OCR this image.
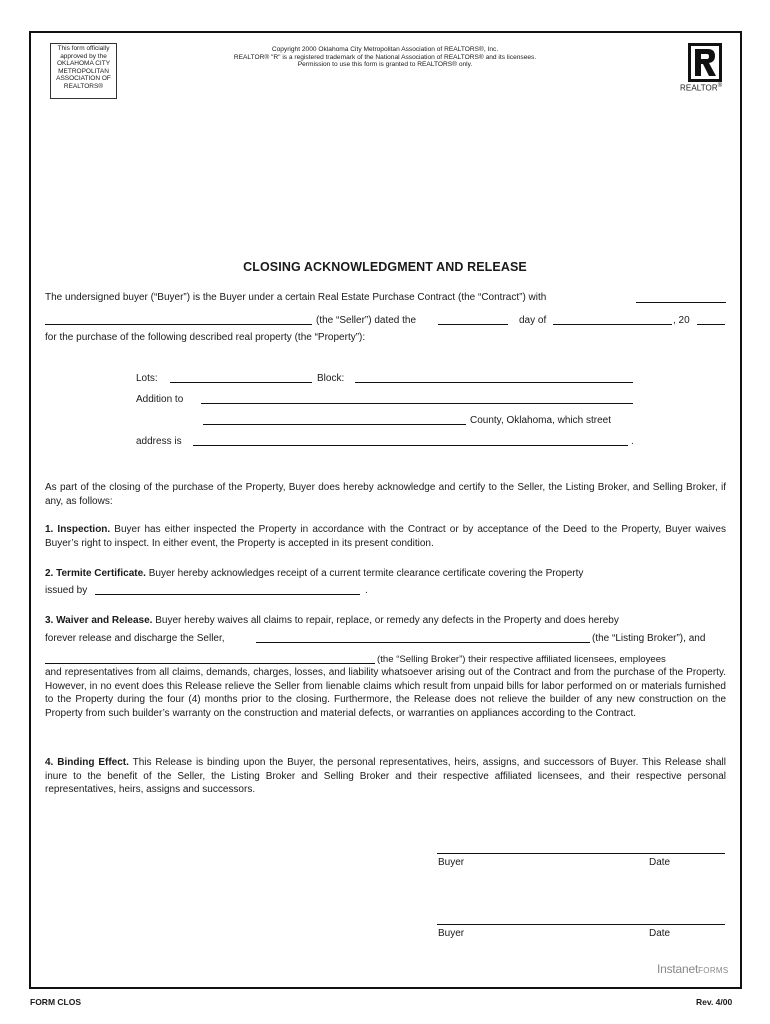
This form officially
approved by the
OKLAHOMA CITY
METROPOLITAN
ASSOCIATION OF
REALTORS®
Copyright 2000 Oklahoma City Metropolitan Association of REALTORS®, Inc.
REALTOR® "R" is a registered trademark of the National Association of REALTORS® and its licensees.
Permission to use this form is granted to REALTORS® only.
REALTOR®
CLOSING ACKNOWLEDGMENT AND RELEASE
The undersigned buyer (“Buyer”) is the Buyer under a certain Real Estate Purchase Contract (the “Contract”) with
(the “Seller”) dated the	day of	, 20
for the purchase of the following described real property (the “Property”):
Lots:	Block:
Addition to
County, Oklahoma, which street
address is	.
As part of the closing of the purchase of the Property, Buyer does hereby acknowledge and certify to the Seller, the Listing Broker, and Selling Broker, if any, as follows:
1. Inspection. Buyer has either inspected the Property in accordance with the Contract or by acceptance of the Deed to the Property, Buyer waives Buyer’s right to inspect. In either event, the Property is accepted in its present condition.
2. Termite Certificate. Buyer hereby acknowledges receipt of a current termite clearance certificate covering the Property
issued by	.
3. Waiver and Release. Buyer hereby waives all claims to repair, replace, or remedy any defects in the Property and does hereby
forever release and discharge the Seller,	(the “Listing Broker”), and
(the “Selling Broker”) their respective affiliated licensees, employees
and representatives from all claims, demands, charges, losses, and liability whatsoever arising out of the Contract and from the purchase of the Property. However, in no event does this Release relieve the Seller from lienable claims which result from unpaid bills for labor performed on or materials furnished to the Property during the four (4) months prior to the closing. Furthermore, the Release does not relieve the builder of any new construction on the Property from such builder’s warranty on the construction and material defects, or warranties on appliances according to the Contract.
4. Binding Effect. This Release is binding upon the Buyer, the personal representatives, heirs, assigns, and successors of Buyer. This Release shall inure to the benefit of the Seller, the Listing Broker and Selling Broker and their respective affiliated licensees, and their respective personal representatives, heirs, assigns and successors.
Buyer	Date
Buyer	Date
InstanetFORMS
FORM CLOS	Rev. 4/00
